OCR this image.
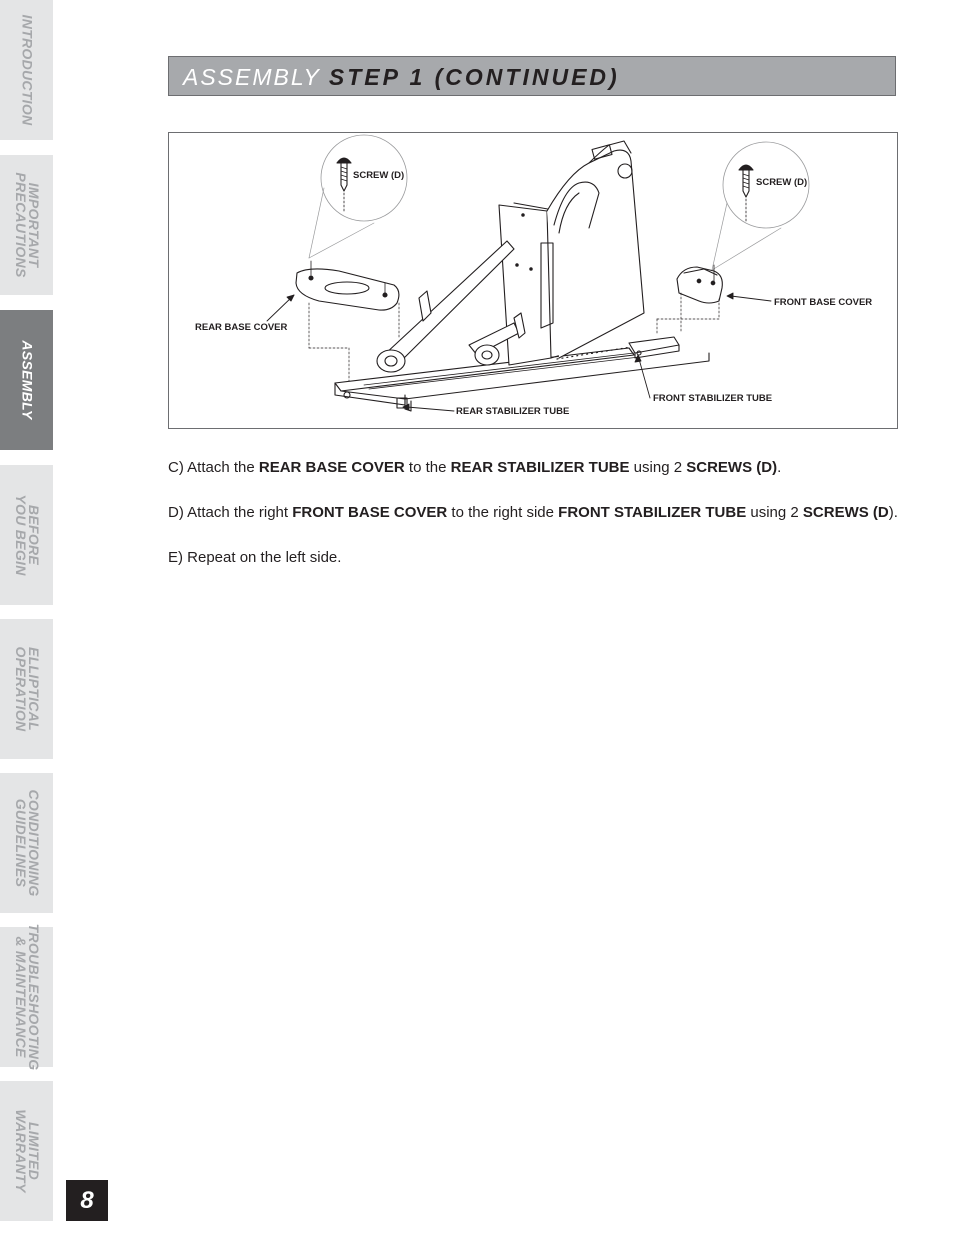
INTRODUCTION
IMPORTANT
PRECAUTIONS
ASSEMBLY
BEFORE
YOU BEGIN
ELLIPTICAL
OPERATION
CONDITIONING
GUIDELINES
TROUBLESHOOTING
& MAINTENANCE
LIMITED
WARRANTY
ASSEMBLY STEP 1 (CONTINUED)
SCREW (D)
SCREW (D)
REAR BASE COVER
FRONT BASE COVER
REAR STABILIZER TUBE
FRONT STABILIZER TUBE
C) Attach the REAR BASE COVER to the REAR STABILIZER TUBE using 2 SCREWS (D).
D) Attach the right FRONT BASE COVER to the right side FRONT STABILIZER TUBE using 2 SCREWS (D).
E) Repeat on the left side.
8
